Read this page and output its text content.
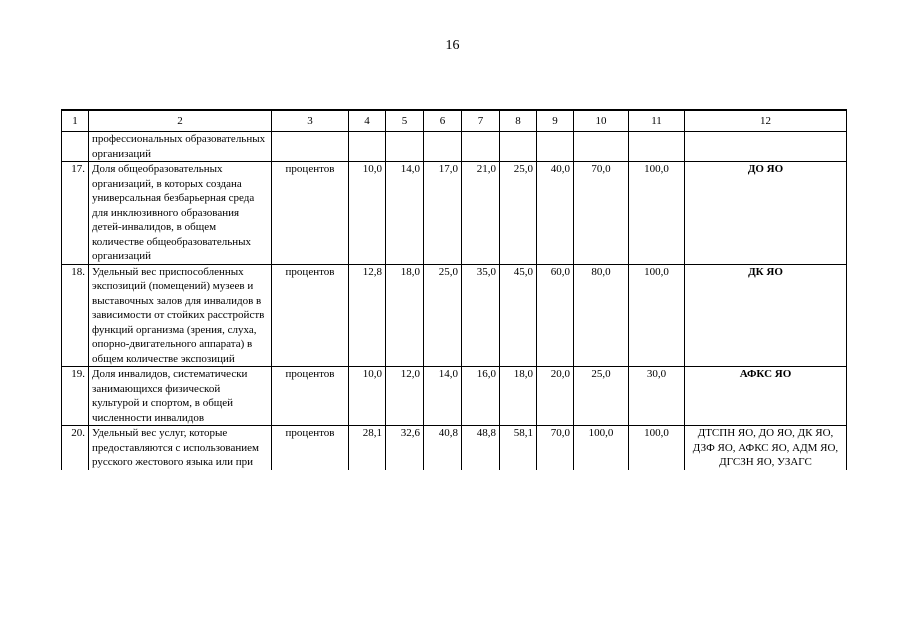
16
1	2	3	4	5	6	7	8	9	10	11	12
	профессиональных образовательных организаций										
17.	Доля общеобразовательных организаций, в которых создана универсальная безбарьерная среда для инклюзивного образования детей-инвалидов, в общем количестве общеобразовательных организаций	процентов	10,0	14,0	17,0	21,0	25,0	40,0	70,0	100,0	ДО ЯО
18.	Удельный вес приспособленных экспозиций (помещений) музеев и выставочных залов для инвалидов в зависимости от стойких расстройств функций организма (зрения, слуха, опорно-двигательного аппарата) в общем количестве экспозиций	процентов	12,8	18,0	25,0	35,0	45,0	60,0	80,0	100,0	ДК ЯО
19.	Доля инвалидов, систематически занимающихся физической культурой и спортом, в общей численности инвалидов	процентов	10,0	12,0	14,0	16,0	18,0	20,0	25,0	30,0	АФКС ЯО
20.	Удельный вес услуг, которые предоставляются с использованием русского жестового языка или при	процентов	28,1	32,6	40,8	48,8	58,1	70,0	100,0	100,0	ДТСПН ЯО, ДО ЯО, ДК ЯО, ДЗФ ЯО, АФКС ЯО, АДМ ЯО, ДГСЗН ЯО, УЗАГС
